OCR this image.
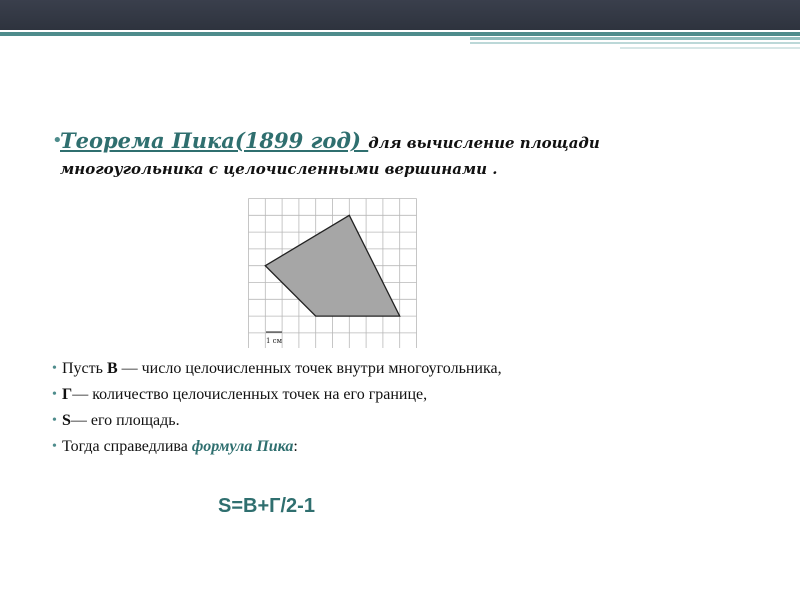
•
Теорема Пика(1899 год) для вычисление площади
многоугольника с целочисленными вершинами .
1 см
• Пусть В — число целочисленных точек внутри многоугольника,
• Г— количество целочисленных точек на его границе,
• S— его площадь.
• Тогда справедлива формула Пика:
S=В+Г/2-1
